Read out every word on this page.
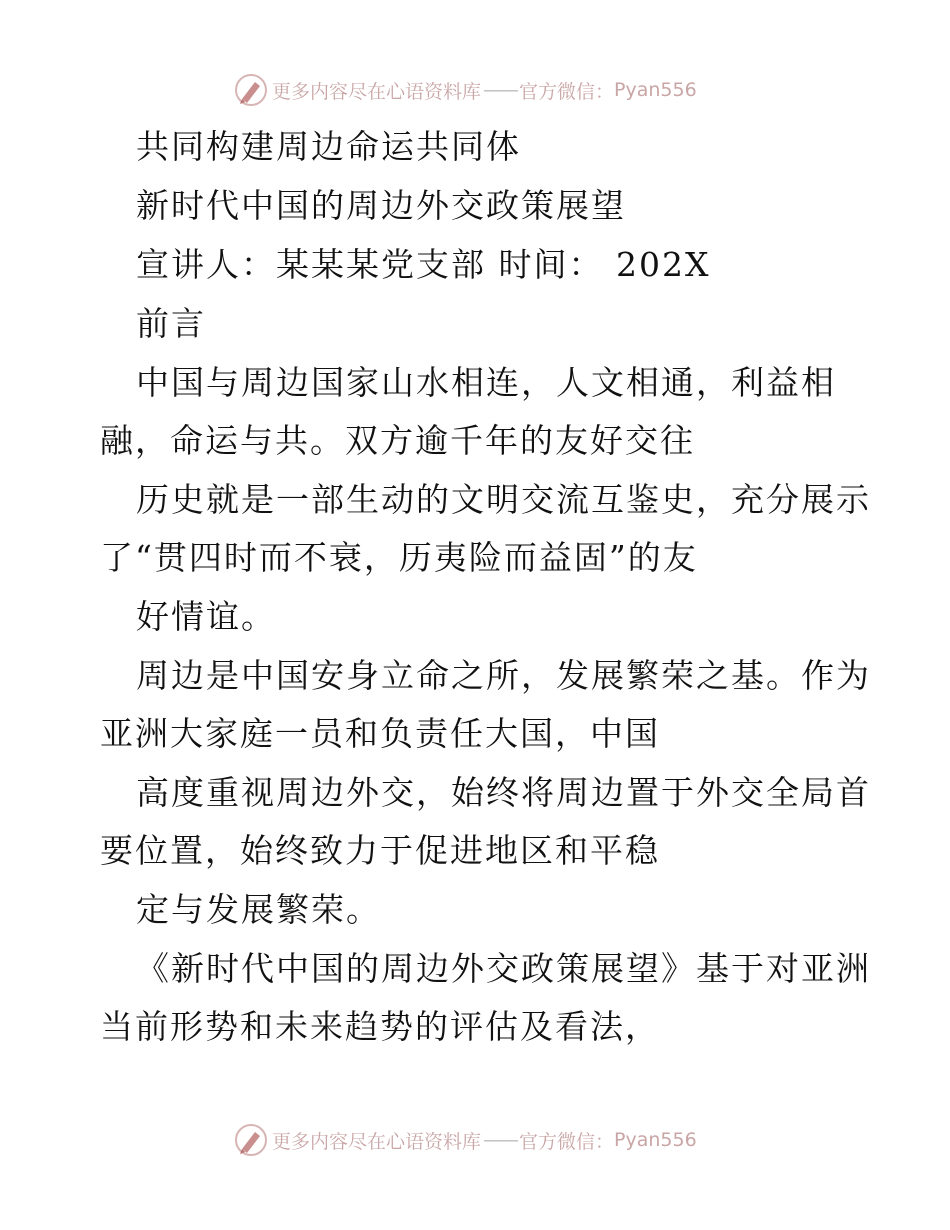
更多内容尽在心语资料库 —— 官方微信： Pyan556
共同构建周边命运共同体
新时代中国的周边外交政策展望
宣讲人：某某某党支部 时间： 202X
前言
中国与周边国家山水相连，人文相通，利益相
融，命运与共。双方逾千年的友好交往
历史就是一部生动的文明交流互鉴史，充分展示
了“贯四时而不衰，历夷险而益固”的友
好情谊。
周边是中国安身立命之所，发展繁荣之基。作为
亚洲大家庭一员和负责任大国，中国
高度重视周边外交，始终将周边置于外交全局首
要位置，始终致力于促进地区和平稳
定与发展繁荣。
《新时代中国的周边外交政策展望》基于对亚洲
当前形势和未来趋势的评估及看法，
更多内容尽在心语资料库 —— 官方微信： Pyan556
